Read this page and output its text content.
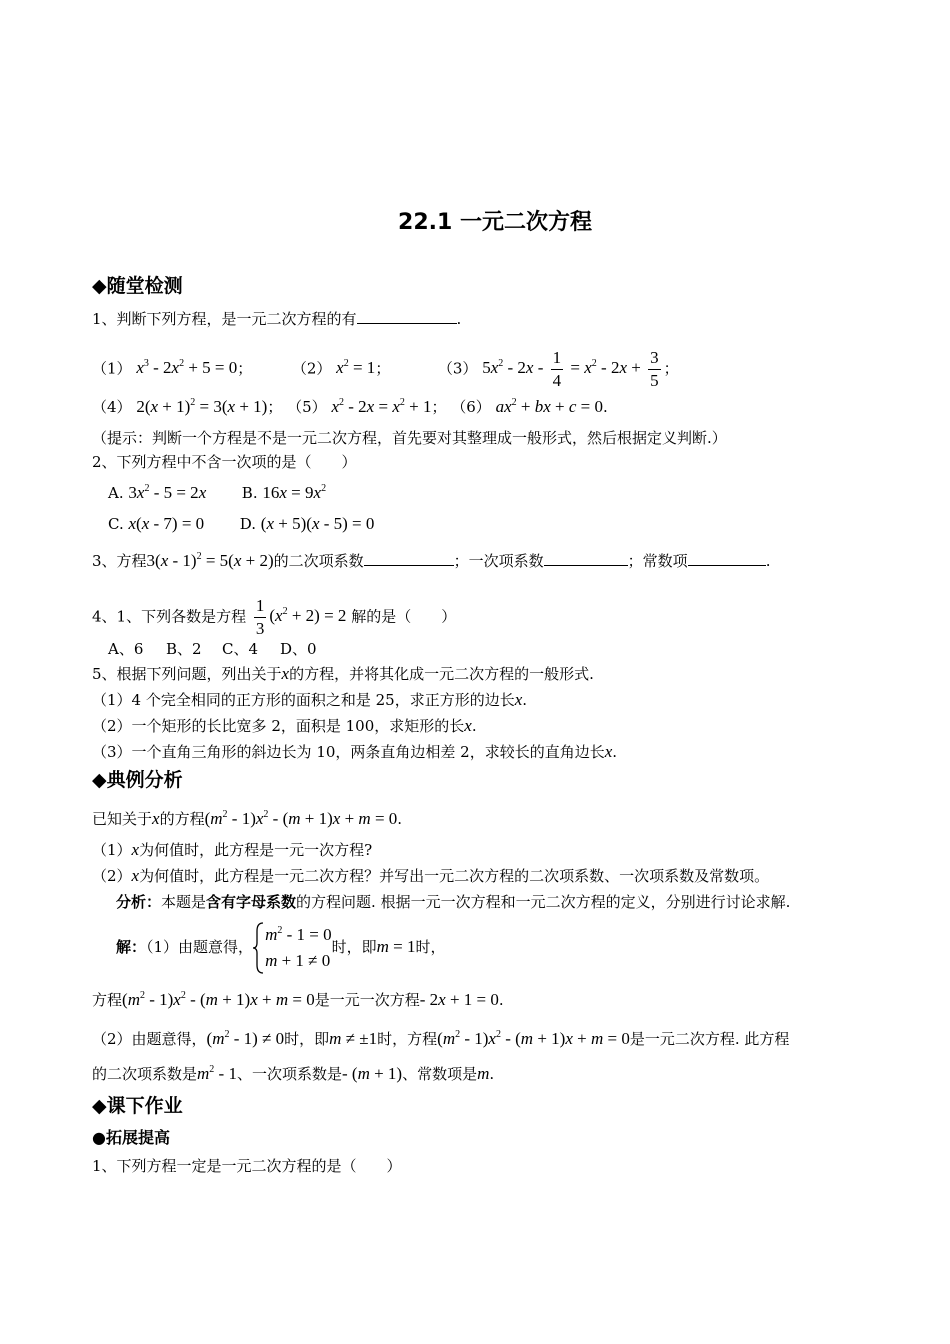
22.1 一元二次方程
◆随堂检测
1、判断下列方程，是一元二次方程的有	.
（1） $x^3 - 2x^2 + 5 = 0$；  （2） $x^2 = 1$；	（3） $5x^2 - 2x - \frac{1}{4} = x^2 - 2x + \frac{3}{5}$ ；
（4） $2(x + 1)^2 = 3(x + 1)$； （5） $x^2 - 2x = x^2 + 1$； （6） $ax^2$ + bx + c = 0.
（提示：判断一个方程是不是一元二次方程，首先要对其整理成一般形式，然后根据定义判断.）
2、下列方程中不含一次项的是（　　）
A. $3x^2 - 5 = 2x$ B. $16x = 9x^2$
C. x(x - 7) = 0 D. (x + 5)(x - 5) = 0
3、方程3(x - 1)$^2$ = 5(x + 2)的二次项系数	；一次项系数	；常数项	.
4、1、下列各数是方程 $\frac{1}{3} (x^2 + 2) = 2$ 解的是（　　）
A、6 B、2 C、4 D、0
5、根据下列问题，列出关于x的方程，并将其化成一元二次方程的一般形式.
（1）4 个完全相同的正方形的面积之和是 25，求正方形的边长x.
（2）一个矩形的长比宽多 2，面积是 100，求矩形的长x.
（3）一个直角三角形的斜边长为 10，两条直角边相差 2，求较长的直角边长x.
◆典例分析
已知关于x的方程$(m^2 - 1)x^2 - (m + 1)x + m = 0$.
（1）x为何值时，此方程是一元一次方程?
（2）x为何值时，此方程是一元二次方程？并写出一元二次方程的二次项系数、一次项系数及常数项。
分析：本题是含有字母系数的方程问题. 根据一元一次方程和一元二次方程的定义，分别进行讨论求解.
解：（1）由题意得，
$m^2 - 1 = 0$
m + 1 ≠ 0
时，即m = 1时，
方程$(m^2 - 1)x^2 - (m + 1)x + m = 0$是一元一次方程- 2x + 1 = 0.
（2）由题意得，$(m^2 - 1) \ne 0$时，即m ≠ ±1时，方程$(m^2 - 1)x^2 - (m + 1)x + m = 0$是一元二次方程. 此方程
的二次项系数是$m^2 - 1$、一次项系数是- (m + 1)、常数项是m.
◆课下作业
●拓展提高
1、下列方程一定是一元二次方程的是（　　）
